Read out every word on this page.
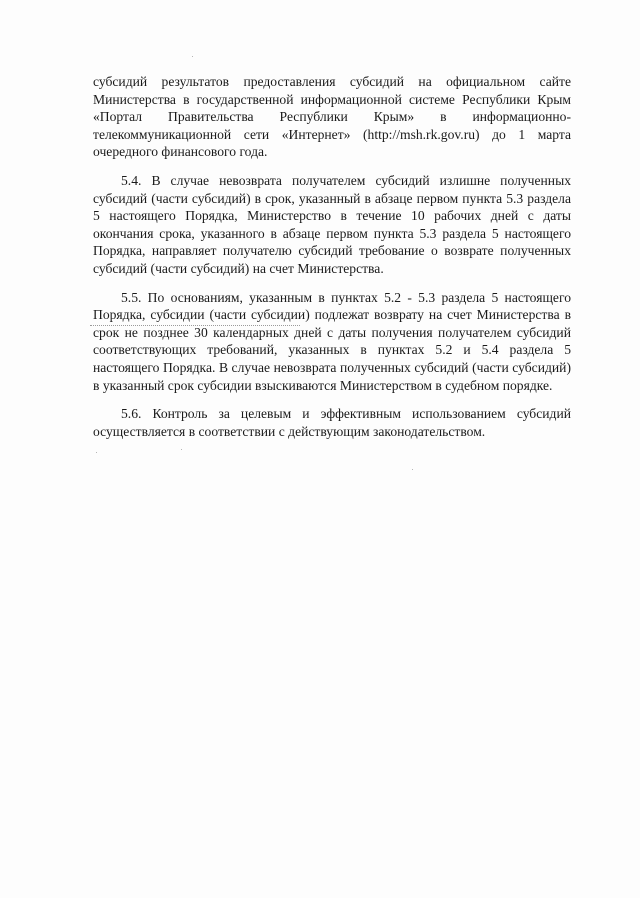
субсидий результатов предоставления субсидий на официальном сайте Министерства в государственной информационной системе Республики Крым «Портал Правительства Республики Крым» в информационно-телекоммуникационной сети «Интернет» (http://msh.rk.gov.ru) до 1 марта очередного финансового года.

5.4. В случае невозврата получателем субсидий излишне полученных субсидий (части субсидий) в срок, указанный в абзаце первом пункта 5.3 раздела 5 настоящего Порядка, Министерство в течение 10 рабочих дней с даты окончания срока, указанного в абзаце первом пункта 5.3 раздела 5 настоящего Порядка, направляет получателю субсидий требование о возврате полученных субсидий (части субсидий) на счет Министерства.

5.5. По основаниям, указанным в пунктах 5.2 - 5.3 раздела 5 настоящего Порядка, субсидии (части субсидии) подлежат возврату на счет Министерства в срок не позднее 30 календарных дней с даты получения получателем субсидий соответствующих требований, указанных в пунктах 5.2 и 5.4 раздела 5 настоящего Порядка. В случае невозврата полученных субсидий (части субсидий) в указанный срок субсидии взыскиваются Министерством в судебном порядке.

5.6. Контроль за целевым и эффективным использованием субсидий осуществляется в соответствии с действующим законодательством.
